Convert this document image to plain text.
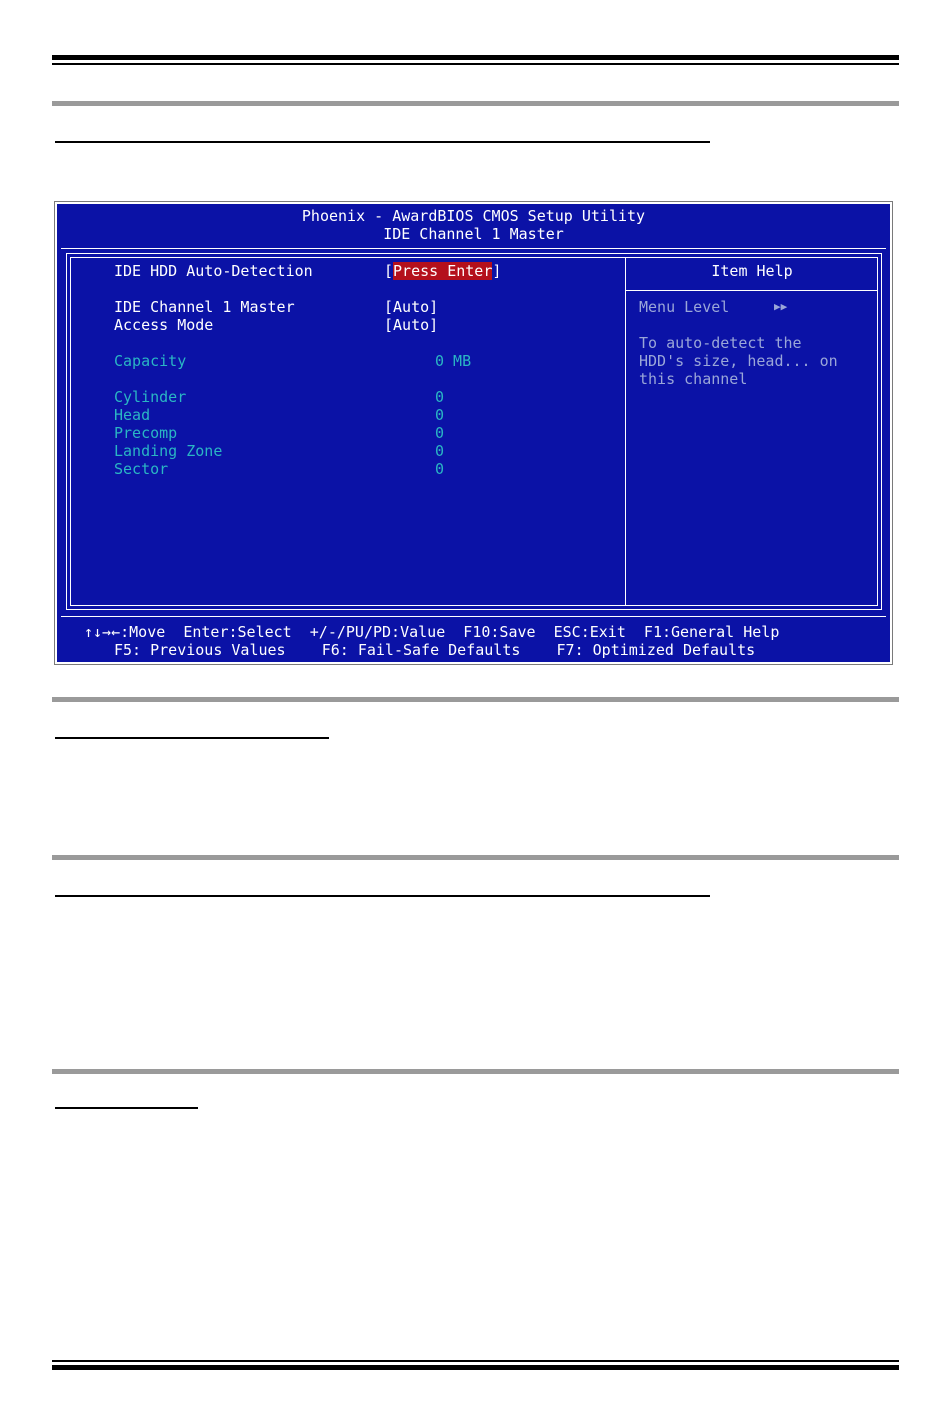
Phoenix - AwardBIOS CMOS Setup Utility
IDE Channel 1 Master
IDE HDD Auto-Detection	[Press Enter]
IDE Channel 1 Master	[Auto]
Access Mode	[Auto]
Capacity	0 MB
Cylinder	0
Head	0
Precomp	0
Landing Zone	0
Sector	0
Item Help
Menu Level	▶▶
To auto-detect the
HDD's size, head... on
this channel
↑↓→←:Move  Enter:Select  +/-/PU/PD:Value  F10:Save  ESC:Exit  F1:General Help
F5: Previous Values    F6: Fail-Safe Defaults    F7: Optimized Defaults
